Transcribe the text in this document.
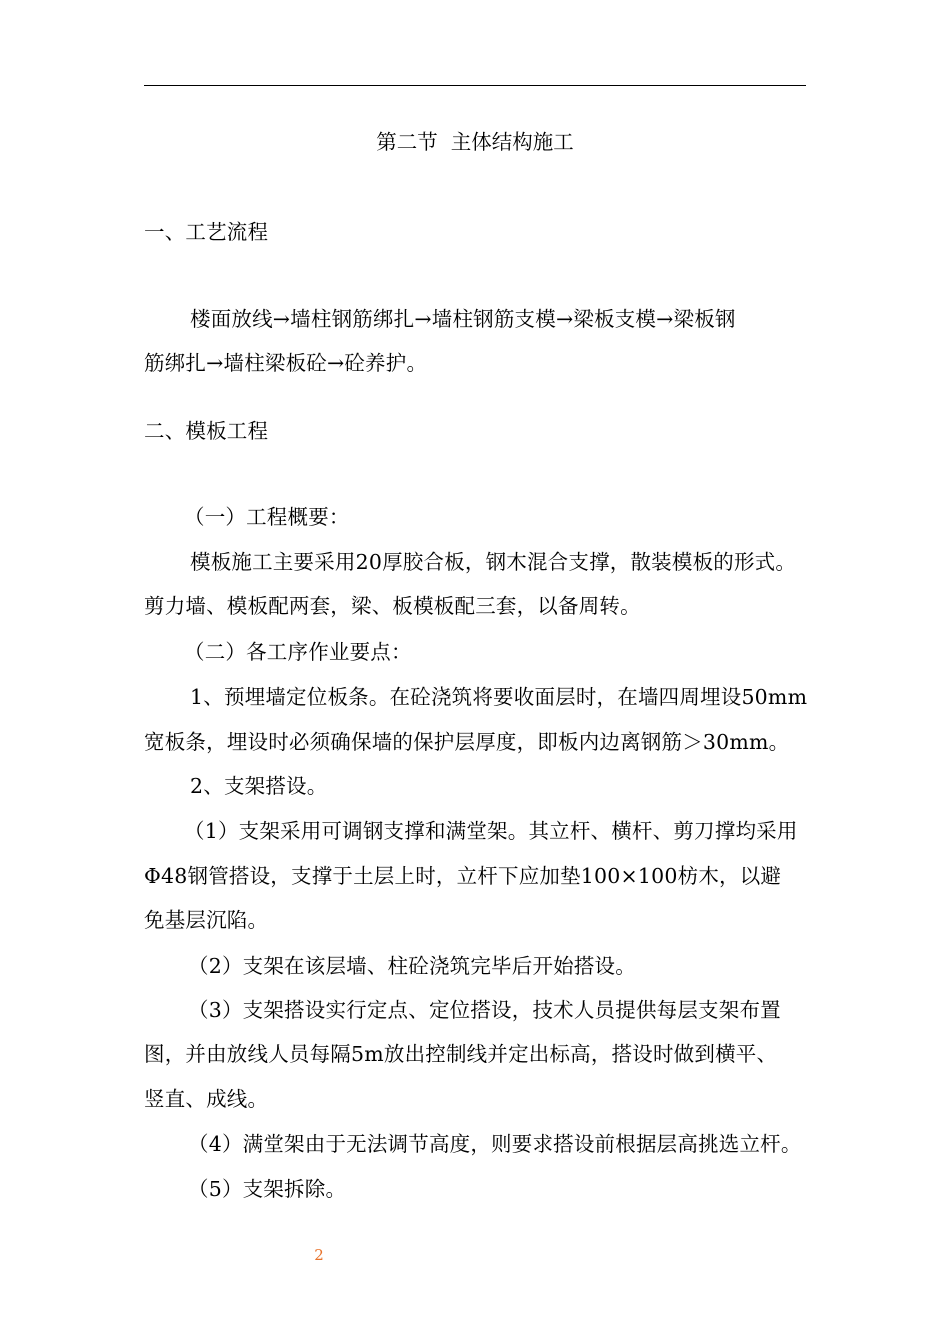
第二节  主体结构施工
一、工艺流程
楼面放线→墙柱钢筋绑扎→墙柱钢筋支模→梁板支模→梁板钢
筋绑扎→墙柱梁板砼→砼养护。
二、模板工程
（一）工程概要：
模板施工主要采用20厚胶合板，钢木混合支撑，散装模板的形式。
剪力墙、模板配两套，梁、板模板配三套，以备周转。
（二）各工序作业要点：
1、预埋墙定位板条。在砼浇筑将要收面层时，在墙四周埋设50mm
宽板条，埋设时必须确保墙的保护层厚度，即板内边离钢筋＞30mm。
2、支架搭设。
（1）支架采用可调钢支撑和满堂架。其立杆、横杆、剪刀撑均采用
Φ48钢管搭设，支撑于土层上时，立杆下应加垫100×100枋木，以避
免基层沉陷。
（2）支架在该层墙、柱砼浇筑完毕后开始搭设。
（3）支架搭设实行定点、定位搭设，技术人员提供每层支架布置
图，并由放线人员每隔5m放出控制线并定出标高，搭设时做到横平、
竖直、成线。
（4）满堂架由于无法调节高度，则要求搭设前根据层高挑选立杆。
（5）支架拆除。
2
